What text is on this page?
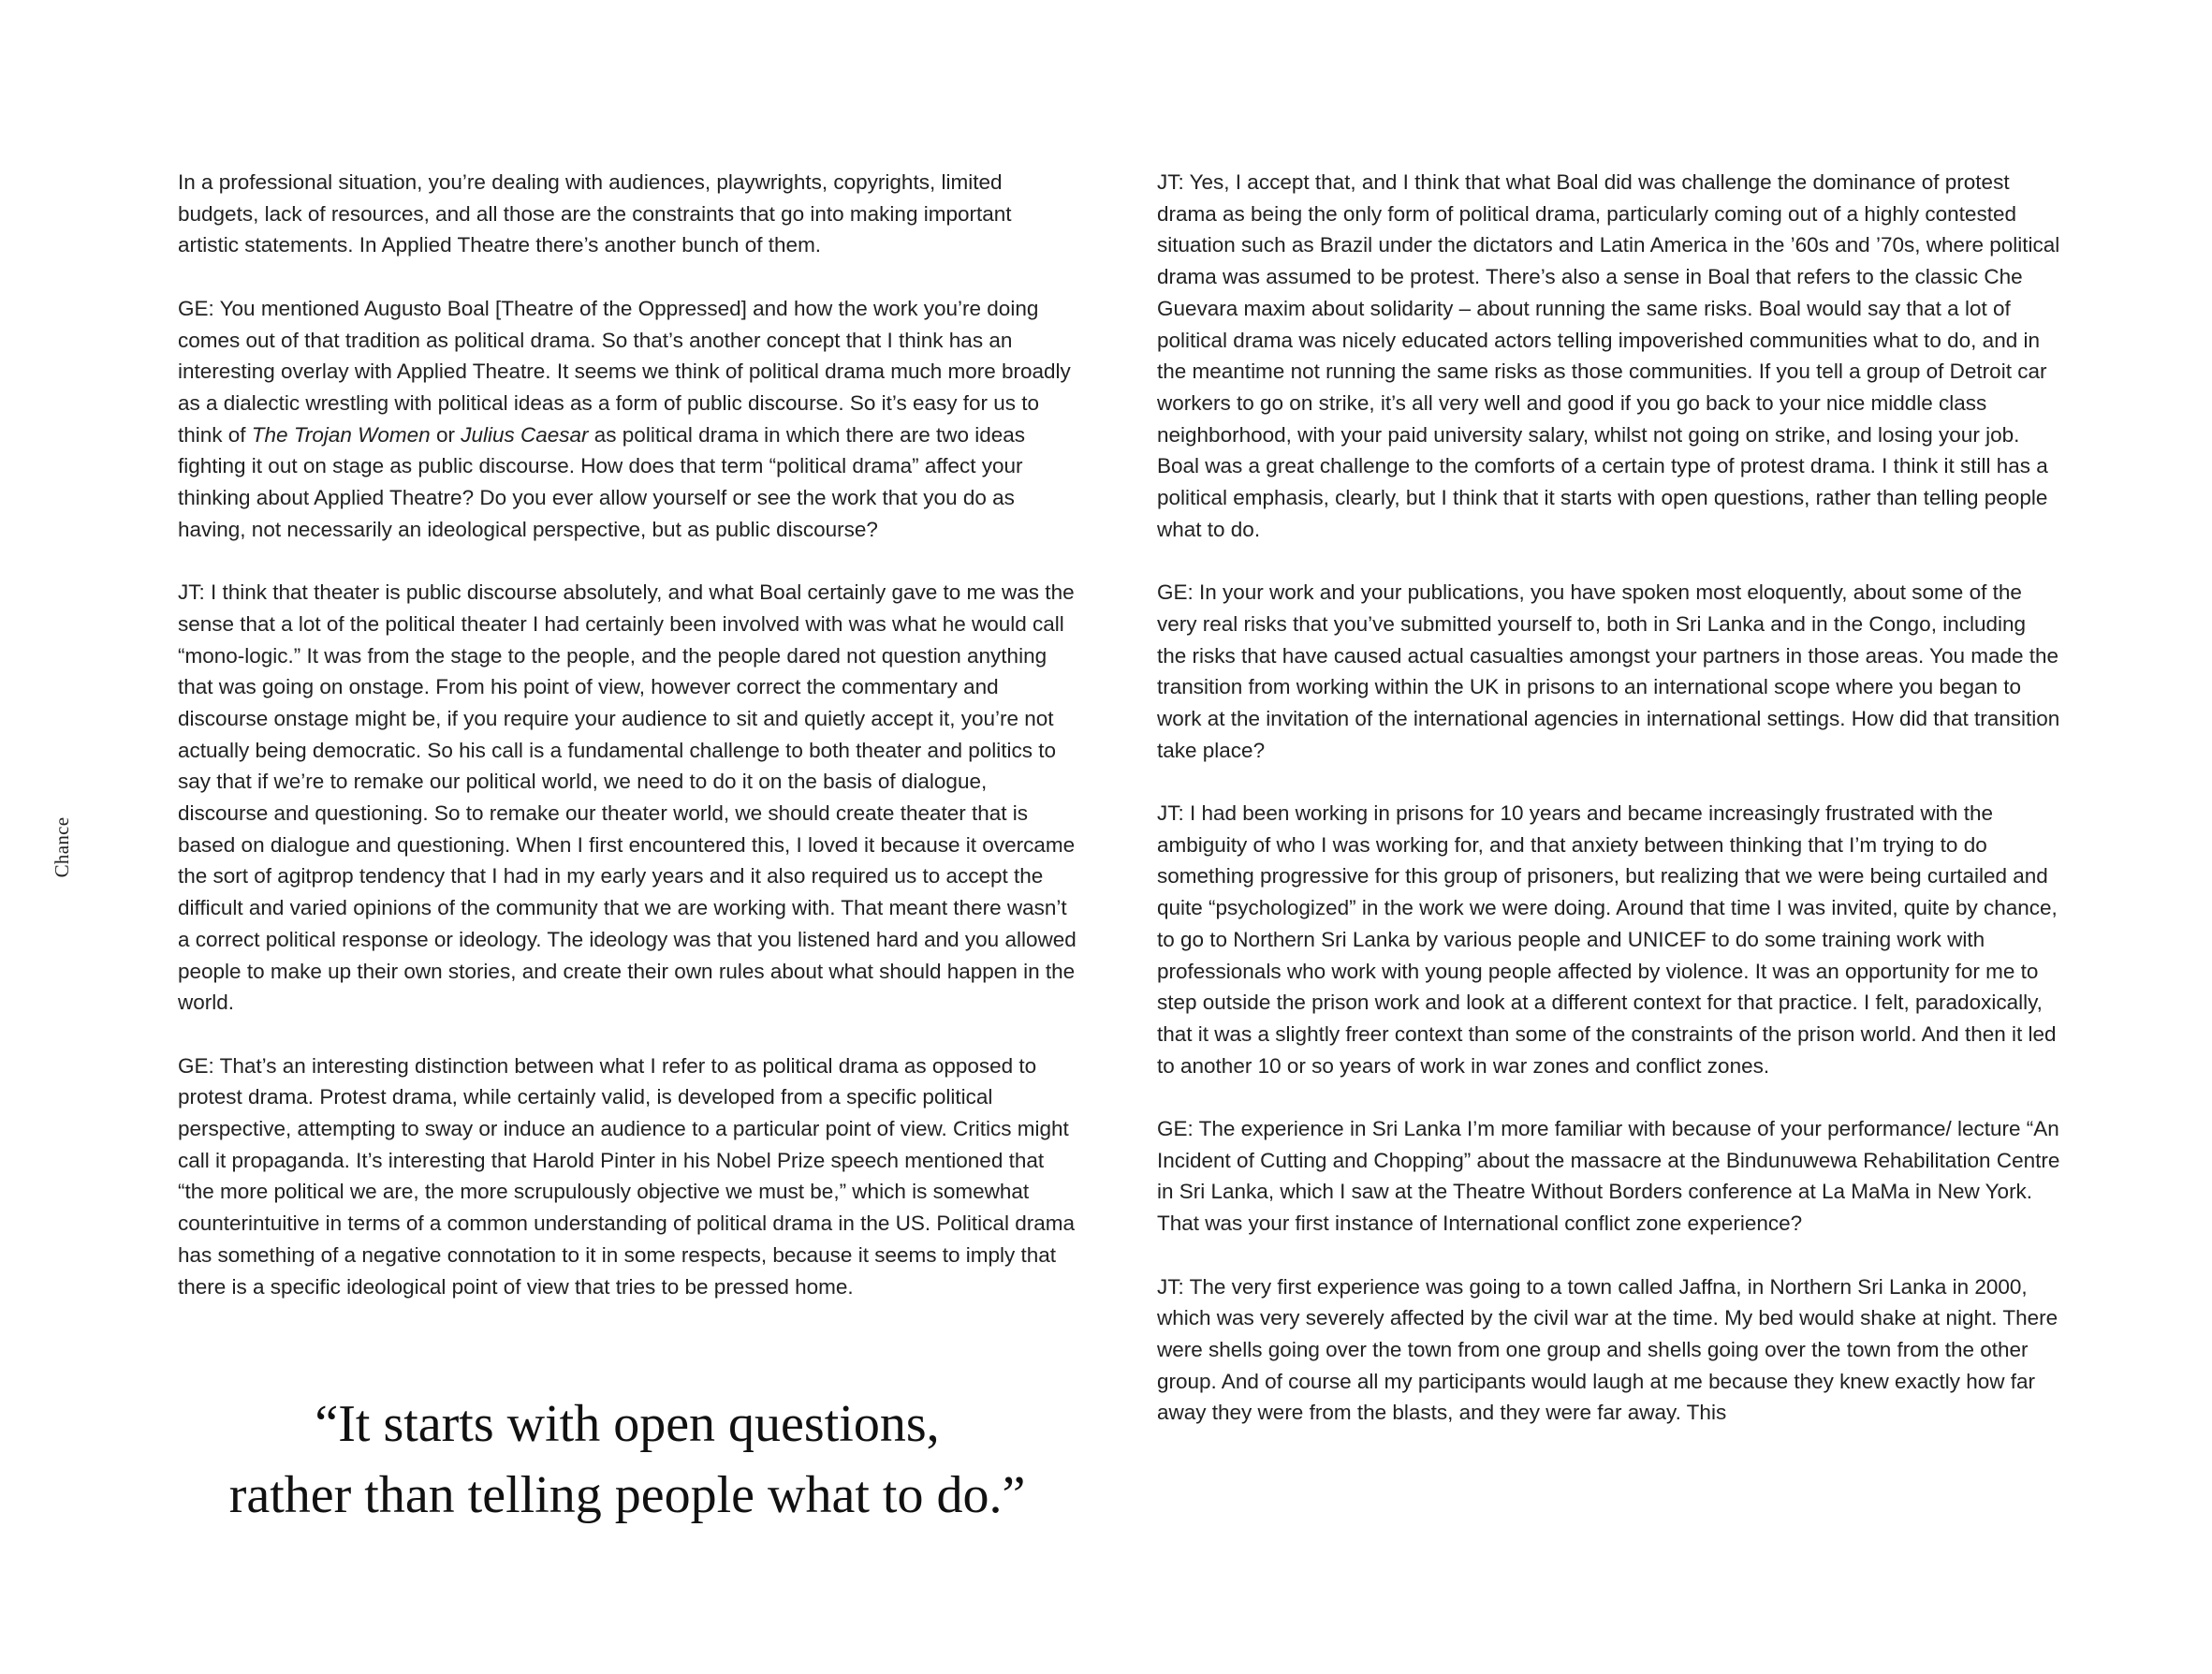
Chance

In a professional situation, you’re dealing with audiences, playwrights, copyrights, limited budgets, lack of resources, and all those are the constraints that go into making important artistic statements. In Applied Theatre there’s another bunch of them.

GE: You mentioned Augusto Boal [Theatre of the Oppressed] and how the work you’re doing comes out of that tradition as political drama. So that’s another concept that I think has an interesting overlay with Applied Theatre. It seems we think of political drama much more broadly as a dialectic wrestling with political ideas as a form of public discourse. So it’s easy for us to think of The Trojan Women or Julius Caesar as political drama in which there are two ideas fighting it out on stage as public discourse. How does that term “political drama” affect your thinking about Applied Theatre? Do you ever allow yourself or see the work that you do as having, not necessarily an ideological perspective, but as public discourse?

JT: I think that theater is public discourse absolutely, and what Boal certainly gave to me was the sense that a lot of the political theater I had certainly been involved with was what he would call “mono-logic.” It was from the stage to the people, and the people dared not question anything that was going on onstage. From his point of view, however correct the commentary and discourse onstage might be, if you require your audience to sit and quietly accept it, you’re not actually being democratic. So his call is a fundamental challenge to both theater and politics to say that if we’re to remake our political world, we need to do it on the basis of dialogue, discourse and questioning. So to remake our theater world, we should create theater that is based on dialogue and questioning. When I first encountered this, I loved it because it overcame the sort of agitprop tendency that I had in my early years and it also required us to accept the difficult and varied opinions of the community that we are working with. That meant there wasn’t a correct political response or ideology. The ideology was that you listened hard and you allowed people to make up their own stories, and create their own rules about what should happen in the world.

GE: That’s an interesting distinction between what I refer to as political drama as opposed to protest drama. Protest drama, while certainly valid, is developed from a specific political perspective, attempting to sway or induce an audience to a particular point of view. Critics might call it propaganda. It’s interesting that Harold Pinter in his Nobel Prize speech mentioned that “the more political we are, the more scrupulously objective we must be,” which is somewhat counterintuitive in terms of a common understanding of political drama in the US. Political drama has something of a negative connotation to it in some respects, because it seems to imply that there is a specific ideological point of view that tries to be pressed home.

“It starts with open questions,
rather than telling people what to do.”

JT: Yes, I accept that, and I think that what Boal did was challenge the dominance of protest drama as being the only form of political drama, particularly coming out of a highly contested situation such as Brazil under the dictators and Latin America in the ’60s and ’70s, where political drama was assumed to be protest. There’s also a sense in Boal that refers to the classic Che Guevara maxim about solidarity – about running the same risks. Boal would say that a lot of political drama was nicely educated actors telling impoverished communities what to do, and in the meantime not running the same risks as those communities. If you tell a group of Detroit car workers to go on strike, it’s all very well and good if you go back to your nice middle class neighborhood, with your paid university salary, whilst not going on strike, and losing your job. Boal was a great challenge to the comforts of a certain type of protest drama. I think it still has a political emphasis, clearly, but I think that it starts with open questions, rather than telling people what to do.

GE: In your work and your publications, you have spoken most eloquently, about some of the very real risks that you’ve submitted yourself to, both in Sri Lanka and in the Congo, including the risks that have caused actual casualties amongst your partners in those areas. You made the transition from working within the UK in prisons to an international scope where you began to work at the invitation of the international agencies in international settings. How did that transition take place?

JT: I had been working in prisons for 10 years and became increasingly frustrated with the ambiguity of who I was working for, and that anxiety between thinking that I’m trying to do something progressive for this group of prisoners, but realizing that we were being curtailed and quite “psychologized” in the work we were doing. Around that time I was invited, quite by chance, to go to Northern Sri Lanka by various people and UNICEF to do some training work with professionals who work with young people affected by violence. It was an opportunity for me to step outside the prison work and look at a different context for that practice. I felt, paradoxically, that it was a slightly freer context than some of the constraints of the prison world. And then it led to another 10 or so years of work in war zones and conflict zones.

GE: The experience in Sri Lanka I’m more familiar with because of your performance/ lecture “An Incident of Cutting and Chopping” about the massacre at the Bindunuwewa Rehabilitation Centre in Sri Lanka, which I saw at the Theatre Without Borders conference at La MaMa in New York. That was your first instance of International conflict zone experience?

JT: The very first experience was going to a town called Jaffna, in Northern Sri Lanka in 2000, which was very severely affected by the civil war at the time. My bed would shake at night. There were shells going over the town from one group and shells going over the town from the other group. And of course all my participants would laugh at me because they knew exactly how far away they were from the blasts, and they were far away. This
